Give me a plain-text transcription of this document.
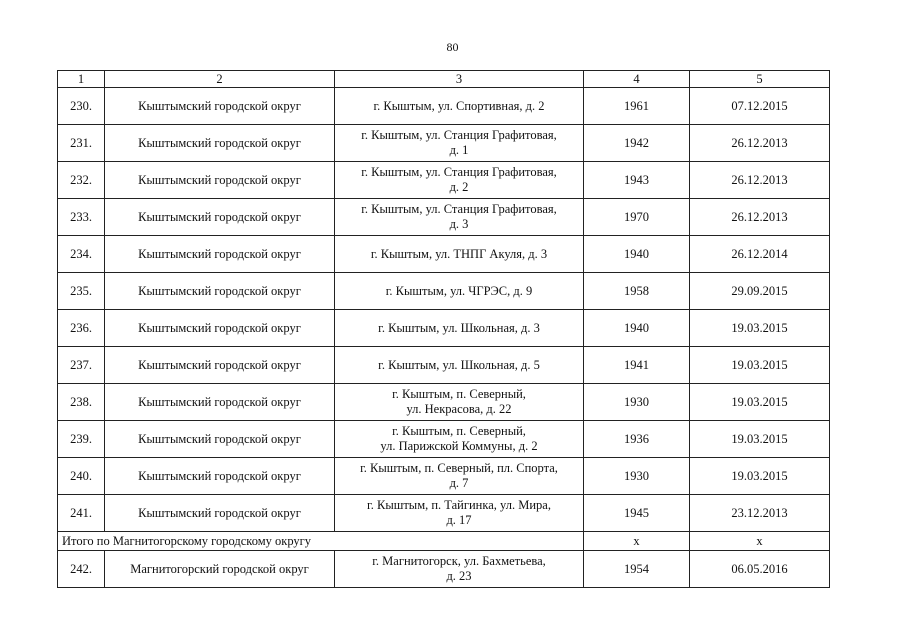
80
1	2	3	4	5
230.	Кыштымский городской округ	г. Кыштым, ул. Спортивная, д. 2	1961	07.12.2015
231.	Кыштымский городской округ	г. Кыштым, ул. Станция Графитовая,
д. 1	1942	26.12.2013
232.	Кыштымский городской округ	г. Кыштым, ул. Станция Графитовая,
д. 2	1943	26.12.2013
233.	Кыштымский городской округ	г. Кыштым, ул. Станция Графитовая,
д. 3	1970	26.12.2013
234.	Кыштымский городской округ	г. Кыштым, ул. ТНПГ Акуля, д. 3	1940	26.12.2014
235.	Кыштымский городской округ	г. Кыштым, ул. ЧГРЭС, д. 9	1958	29.09.2015
236.	Кыштымский городской округ	г. Кыштым, ул. Школьная, д. 3	1940	19.03.2015
237.	Кыштымский городской округ	г. Кыштым, ул. Школьная, д. 5	1941	19.03.2015
238.	Кыштымский городской округ	г. Кыштым, п. Северный,
ул. Некрасова, д. 22	1930	19.03.2015
239.	Кыштымский городской округ	г. Кыштым, п. Северный,
ул. Парижской Коммуны, д. 2	1936	19.03.2015
240.	Кыштымский городской округ	г. Кыштым, п. Северный, пл. Спорта,
д. 7	1930	19.03.2015
241.	Кыштымский городской округ	г. Кыштым, п. Тайгинка, ул. Мира,
д. 17	1945	23.12.2013
Итого по Магнитогорскому городскому округу			х	х
242.	Магнитогорский городской округ	г. Магнитогорск, ул. Бахметьева,
д. 23	1954	06.05.2016
